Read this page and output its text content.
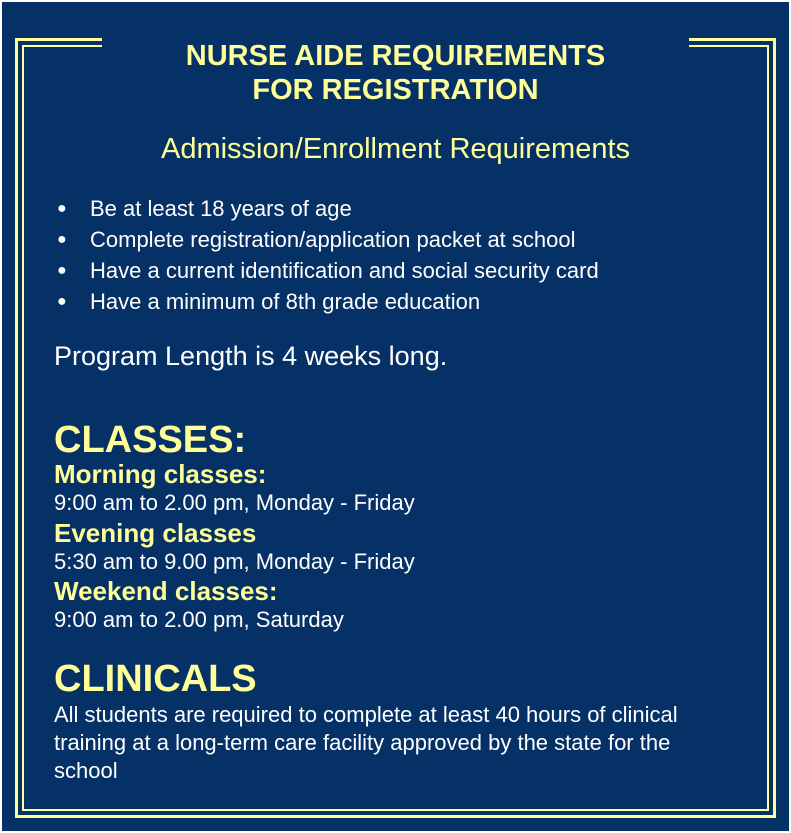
NURSE AIDE REQUIREMENTS
FOR REGISTRATION
Admission/Enrollment Requirements
● Be at least 18 years of age
● Complete registration/application packet at school
● Have a current identification and social security card
● Have a minimum of 8th grade education
Program Length is 4 weeks long.
CLASSES:
Morning classes:
9:00 am to 2.00 pm, Monday - Friday
Evening classes
5:30 am to 9.00 pm, Monday - Friday
Weekend classes:
9:00 am to 2.00 pm, Saturday
CLINICALS
All students are required to complete at least 40 hours of clinical training at a long-term care facility approved by the state for the school
